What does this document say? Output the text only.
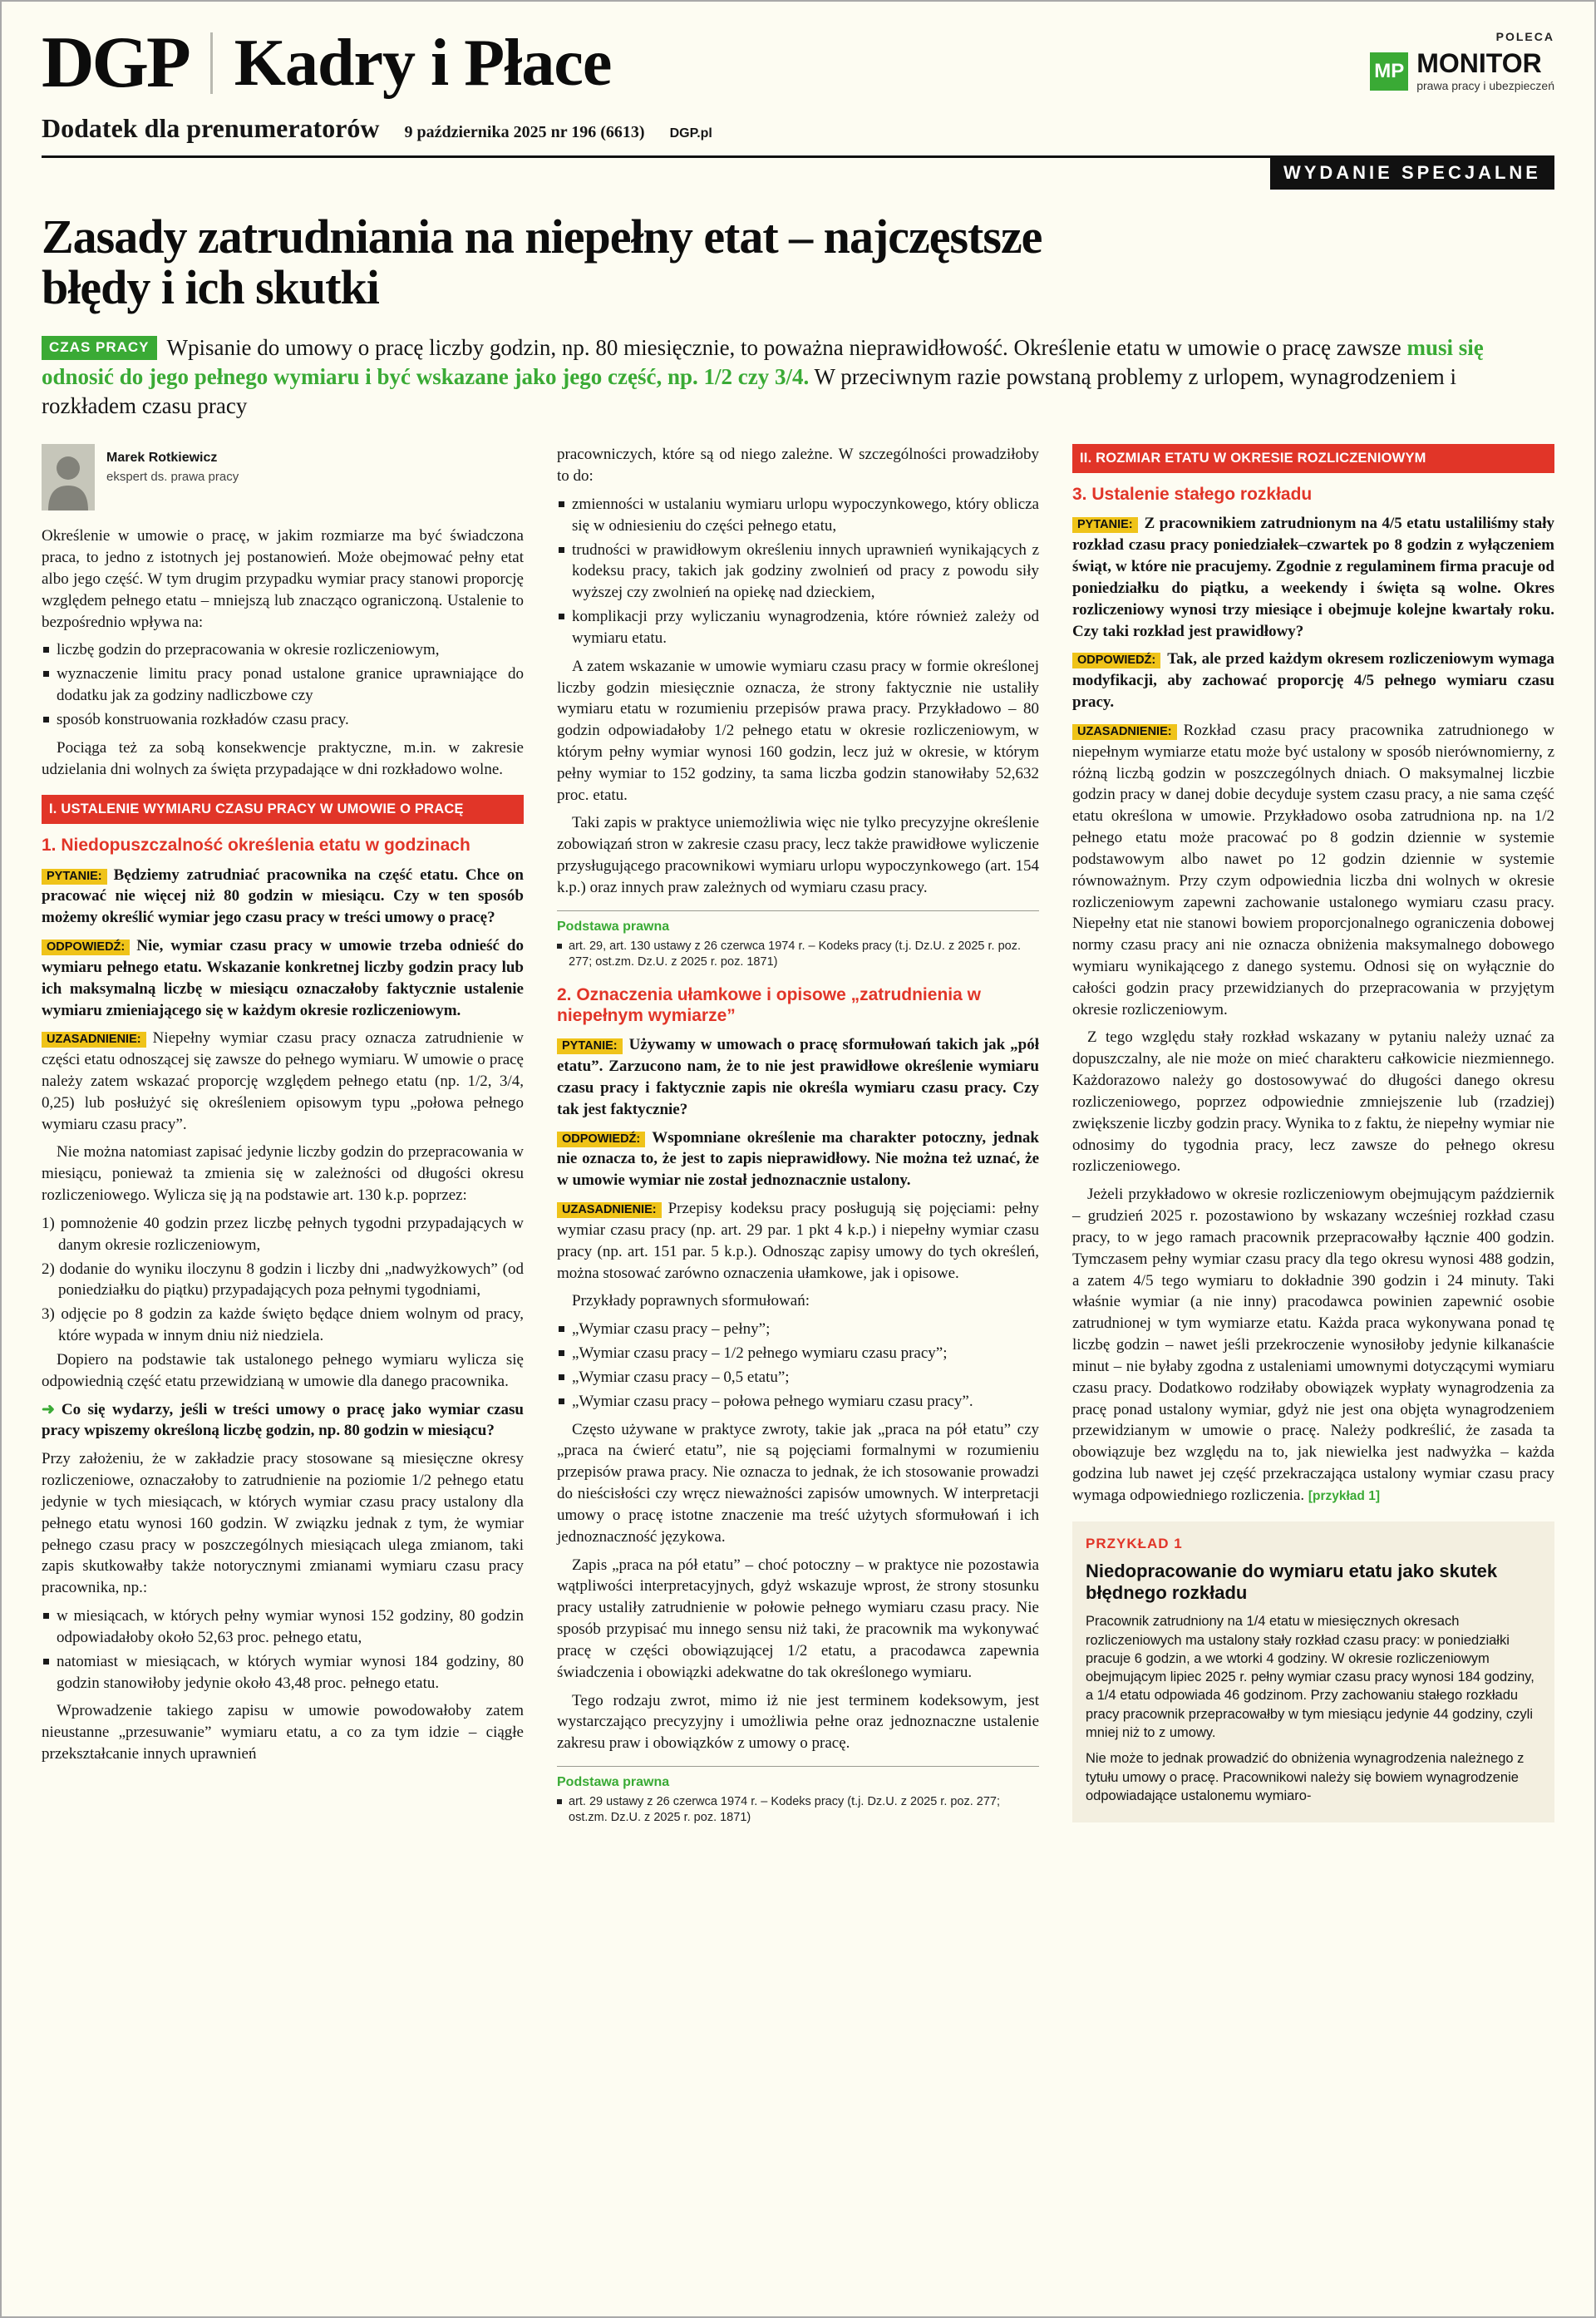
DGP Kadry i Płace	POLECA
MP MONITOR
prawa pracy i ubezpieczeń
Dodatek dla prenumeratorów 9 października 2025 nr 196 (6613) DGP.pl
WYDANIE SPECJALNE
Zasady zatrudniania na niepełny etat – najczęstsze błędy i ich skutki

CZAS PRACY Wpisanie do umowy o pracę liczby godzin, np. 80 miesięcznie, to poważna nieprawidłowość. Określenie etatu w umowie o pracę zawsze musi się odnosić do jego pełnego wymiaru i być wskazane jako jego część, np. 1/2 czy 3/4. W przeciwnym razie powstaną problemy z urlopem, wynagrodzeniem i rozkładem czasu pracy

Marek Rotkiewicz
ekspert ds. prawa pracy

Określenie w umowie o pracę, w jakim rozmiarze ma być świadczona praca, to jedno z istotnych jej postanowień. Może obejmować pełny etat albo jego część. W tym drugim przypadku wymiar pracy stanowi proporcję względem pełnego etatu – mniejszą lub znacząco ograniczoną. Ustalenie to bezpośrednio wpływa na:

liczbę godzin do przepracowania w okresie rozliczeniowym,
wyznaczenie limitu pracy ponad ustalone granice uprawniające do dodatku jak za godziny nadliczbowe czy
sposób konstruowania rozkładów czasu pracy.

Pociąga też za sobą konsekwencje praktyczne, m.in. w zakresie udzielania dni wolnych za święta przypadające w dni rozkładowo wolne.

I. USTALENIE WYMIARU CZASU PRACY W UMOWIE O PRACĘ
1. Niedopuszczalność określenia etatu w godzinach

PYTANIE: Będziemy zatrudniać pracownika na część etatu. Chce on pracować nie więcej niż 80 godzin w miesiącu. Czy w ten sposób możemy określić wymiar jego czasu pracy w treści umowy o pracę?

ODPOWIEDŹ: Nie, wymiar czasu pracy w umowie trzeba odnieść do wymiaru pełnego etatu. Wskazanie konkretnej liczby godzin pracy lub ich maksymalną liczbę w miesiącu oznaczałoby faktycznie ustalenie wymiaru zmieniającego się w każdym okresie rozliczeniowym.

UZASADNIENIE: Niepełny wymiar czasu pracy oznacza zatrudnienie w części etatu odnoszącej się zawsze do pełnego wymiaru. W umowie o pracę należy zatem wskazać proporcję względem pełnego etatu (np. 1/2, 3/4, 0,25) lub posłużyć się określeniem opisowym typu „połowa pełnego wymiaru czasu pracy”.

Nie można natomiast zapisać jedynie liczby godzin do przepracowania w miesiącu, ponieważ ta zmienia się w zależności od długości okresu rozliczeniowego. Wylicza się ją na podstawie art. 130 k.p. poprzez:

1) pomnożenie 40 godzin przez liczbę pełnych tygodni przypadających w danym okresie rozliczeniowym,

2) dodanie do wyniku iloczynu 8 godzin i liczby dni „nadwyżkowych” (od poniedziałku do piątku) przypadających poza pełnymi tygodniami,

3) odjęcie po 8 godzin za każde święto będące dniem wolnym od pracy, które wypada w innym dniu niż niedziela.

Dopiero na podstawie tak ustalonego pełnego wymiaru wylicza się odpowiednią część etatu przewidzianą w umowie dla danego pracownika.

➜ Co się wydarzy, jeśli w treści umowy o pracę jako wymiar czasu pracy wpiszemy określoną liczbę godzin, np. 80 godzin w miesiącu?

Przy założeniu, że w zakładzie pracy stosowane są miesięczne okresy rozliczeniowe, oznaczałoby to zatrudnienie na poziomie 1/2 pełnego etatu jedynie w tych miesiącach, w których wymiar czasu pracy ustalony dla pełnego etatu wynosi 160 godzin. W związku jednak z tym, że wymiar pełnego czasu pracy w poszczególnych miesiącach ulega zmianom, taki zapis skutkowałby także notorycznymi zmianami wymiaru czasu pracy pracownika, np.:

w miesiącach, w których pełny wymiar wynosi 152 godziny, 80 godzin odpowiadałoby około 52,63 proc. pełnego etatu,
natomiast w miesiącach, w których wymiar wynosi 184 godziny, 80 godzin stanowiłoby jedynie około 43,48 proc. pełnego etatu.

Wprowadzenie takiego zapisu w umowie powodowałoby zatem nieustanne „przesuwanie” wymiaru etatu, a co za tym idzie – ciągłe przekształcanie innych uprawnień

pracowniczych, które są od niego zależne. W szczególności prowadziłoby to do:

zmienności w ustalaniu wymiaru urlopu wypoczynkowego, który oblicza się w odniesieniu do części pełnego etatu,
trudności w prawidłowym określeniu innych uprawnień wynikających z kodeksu pracy, takich jak godziny zwolnień od pracy z powodu siły wyższej czy zwolnień na opiekę nad dzieckiem,
komplikacji przy wyliczaniu wynagrodzenia, które również zależy od wymiaru etatu.

A zatem wskazanie w umowie wymiaru czasu pracy w formie określonej liczby godzin miesięcznie oznacza, że strony faktycznie nie ustaliły wymiaru etatu w rozumieniu przepisów prawa pracy. Przykładowo – 80 godzin odpowiadałoby 1/2 pełnego etatu w okresie rozliczeniowym, w którym pełny wymiar wynosi 160 godzin, lecz już w okresie, w którym pełny wymiar to 152 godziny, ta sama liczba godzin stanowiłaby 52,632 proc. etatu.

Taki zapis w praktyce uniemożliwia więc nie tylko precyzyjne określenie zobowiązań stron w zakresie czasu pracy, lecz także prawidłowe wyliczenie przysługującego pracownikowi wymiaru urlopu wypoczynkowego (art. 154 k.p.) oraz innych praw zależnych od wymiaru czasu pracy.

Podstawa prawna

art. 29, art. 130 ustawy z 26 czerwca 1974 r. – Kodeks pracy (t.j. Dz.U. z 2025 r. poz. 277; ost.zm. Dz.U. z 2025 r. poz. 1871)

2. Oznaczenia ułamkowe i opisowe „zatrudnienia w niepełnym wymiarze”

PYTANIE: Używamy w umowach o pracę sformułowań takich jak „pół etatu”. Zarzucono nam, że to nie jest prawidłowe określenie wymiaru czasu pracy i faktycznie zapis nie określa wymiaru czasu pracy. Czy tak jest faktycznie?

ODPOWIEDŹ: Wspomniane określenie ma charakter potoczny, jednak nie oznacza to, że jest to zapis nieprawidłowy. Nie można też uznać, że w umowie wymiar nie został jednoznacznie ustalony.

UZASADNIENIE: Przepisy kodeksu pracy posługują się pojęciami: pełny wymiar czasu pracy (np. art. 29 par. 1 pkt 4 k.p.) i niepełny wymiar czasu pracy (np. art. 151 par. 5 k.p.). Odnosząc zapisy umowy do tych określeń, można stosować zarówno oznaczenia ułamkowe, jak i opisowe.

Przykłady poprawnych sformułowań:

„Wymiar czasu pracy – pełny”;
„Wymiar czasu pracy – 1/2 pełnego wymiaru czasu pracy”;
„Wymiar czasu pracy – 0,5 etatu”;
„Wymiar czasu pracy – połowa pełnego wymiaru czasu pracy”.

Często używane w praktyce zwroty, takie jak „praca na pół etatu” czy „praca na ćwierć etatu”, nie są pojęciami formalnymi w rozumieniu przepisów prawa pracy. Nie oznacza to jednak, że ich stosowanie prowadzi do nieścisłości czy wręcz nieważności zapisów umownych. W interpretacji umowy o pracę istotne znaczenie ma treść użytych sformułowań i ich jednoznaczność językowa.

Zapis „praca na pół etatu” – choć potoczny – w praktyce nie pozostawia wątpliwości interpretacyjnych, gdyż wskazuje wprost, że strony stosunku pracy ustaliły zatrudnienie w połowie pełnego wymiaru czasu pracy. Nie sposób przypisać mu innego sensu niż taki, że pracownik ma wykonywać pracę w części obowiązującej 1/2 etatu, a pracodawca zapewnia świadczenia i obowiązki adekwatne do tak określonego wymiaru.

Tego rodzaju zwrot, mimo iż nie jest terminem kodeksowym, jest wystarczająco precyzyjny i umożliwia pełne oraz jednoznaczne ustalenie zakresu praw i obowiązków z umowy o pracę.

Podstawa prawna

art. 29 ustawy z 26 czerwca 1974 r. – Kodeks pracy (t.j. Dz.U. z 2025 r. poz. 277; ost.zm. Dz.U. z 2025 r. poz. 1871)

II. ROZMIAR ETATU W OKRESIE ROZLICZENIOWYM
3. Ustalenie stałego rozkładu

PYTANIE: Z pracownikiem zatrudnionym na 4/5 etatu ustaliliśmy stały rozkład czasu pracy poniedziałek–czwartek po 8 godzin z wyłączeniem świąt, w które nie pracujemy. Zgodnie z regulaminem firma pracuje od poniedziałku do piątku, a weekendy i święta są wolne. Okres rozliczeniowy wynosi trzy miesiące i obejmuje kolejne kwartały roku. Czy taki rozkład jest prawidłowy?

ODPOWIEDŹ: Tak, ale przed każdym okresem rozliczeniowym wymaga modyfikacji, aby zachować proporcję 4/5 pełnego wymiaru czasu pracy.

UZASADNIENIE: Rozkład czasu pracy pracownika zatrudnionego w niepełnym wymiarze etatu może być ustalony w sposób nierównomierny, z różną liczbą godzin w poszczególnych dniach. O maksymalnej liczbie godzin pracy w danej dobie decyduje system czasu pracy, a nie sama część etatu określona w umowie. Przykładowo osoba zatrudniona np. na 1/2 pełnego etatu może pracować po 8 godzin dziennie w systemie podstawowym albo nawet po 12 godzin dziennie w systemie równoważnym. Przy czym odpowiednia liczba dni wolnych w okresie rozliczeniowym zapewni zachowanie ustalonego wymiaru czasu pracy. Niepełny etat nie stanowi bowiem proporcjonalnego ograniczenia dobowej normy czasu pracy ani nie oznacza obniżenia maksymalnego dobowego wymiaru wynikającego z danego systemu. Odnosi się on wyłącznie do całości godzin pracy przewidzianych do przepracowania w przyjętym okresie rozliczeniowym.

Z tego względu stały rozkład wskazany w pytaniu należy uznać za dopuszczalny, ale nie może on mieć charakteru całkowicie niezmiennego. Każdorazowo należy go dostosowywać do długości danego okresu rozliczeniowego, poprzez odpowiednie zmniejszenie lub (rzadziej) zwiększenie liczby godzin pracy. Wynika to z faktu, że niepełny wymiar nie odnosimy do tygodnia pracy, lecz zawsze do pełnego okresu rozliczeniowego.

Jeżeli przykładowo w okresie rozliczeniowym obejmującym październik – grudzień 2025 r. pozostawiono by wskazany wcześniej rozkład czasu pracy, to w jego ramach pracownik przepracowałby łącznie 400 godzin. Tymczasem pełny wymiar czasu pracy dla tego okresu wynosi 488 godzin, a zatem 4/5 tego wymiaru to dokładnie 390 godzin i 24 minuty. Taki właśnie wymiar (a nie inny) pracodawca powinien zapewnić osobie zatrudnionej w tym wymiarze etatu. Każda praca wykonywana ponad tę liczbę godzin – nawet jeśli przekroczenie wynosiłoby jedynie kilkanaście minut – nie byłaby zgodna z ustaleniami umownymi dotyczącymi wymiaru czasu pracy. Dodatkowo rodziłaby obowiązek wypłaty wynagrodzenia za pracę ponad ustalony wymiar, gdyż nie jest ona objęta wynagrodzeniem przewidzianym w umowie o pracę. Należy podkreślić, że zasada ta obowiązuje bez względu na to, jak niewielka jest nadwyżka – każda godzina lub nawet jej część przekraczająca ustalony wymiar czasu pracy wymaga odpowiedniego rozliczenia. [przykład 1]

PRZYKŁAD 1
Niedopracowanie do wymiaru etatu jako skutek błędnego rozkładu

Pracownik zatrudniony na 1/4 etatu w miesięcznych okresach rozliczeniowych ma ustalony stały rozkład czasu pracy: w poniedziałki pracuje 6 godzin, a we wtorki 4 godziny. W okresie rozliczeniowym obejmującym lipiec 2025 r. pełny wymiar czasu pracy wynosi 184 godziny, a 1/4 etatu odpowiada 46 godzinom. Przy zachowaniu stałego rozkładu pracy pracownik przepracowałby w tym miesiącu jedynie 44 godziny, czyli mniej niż to z umowy.

Nie może to jednak prowadzić do obniżenia wynagrodzenia należnego z tytułu umowy o pracę. Pracownikowi należy się bowiem wynagrodzenie odpowiadające ustalonemu wymiaro-
